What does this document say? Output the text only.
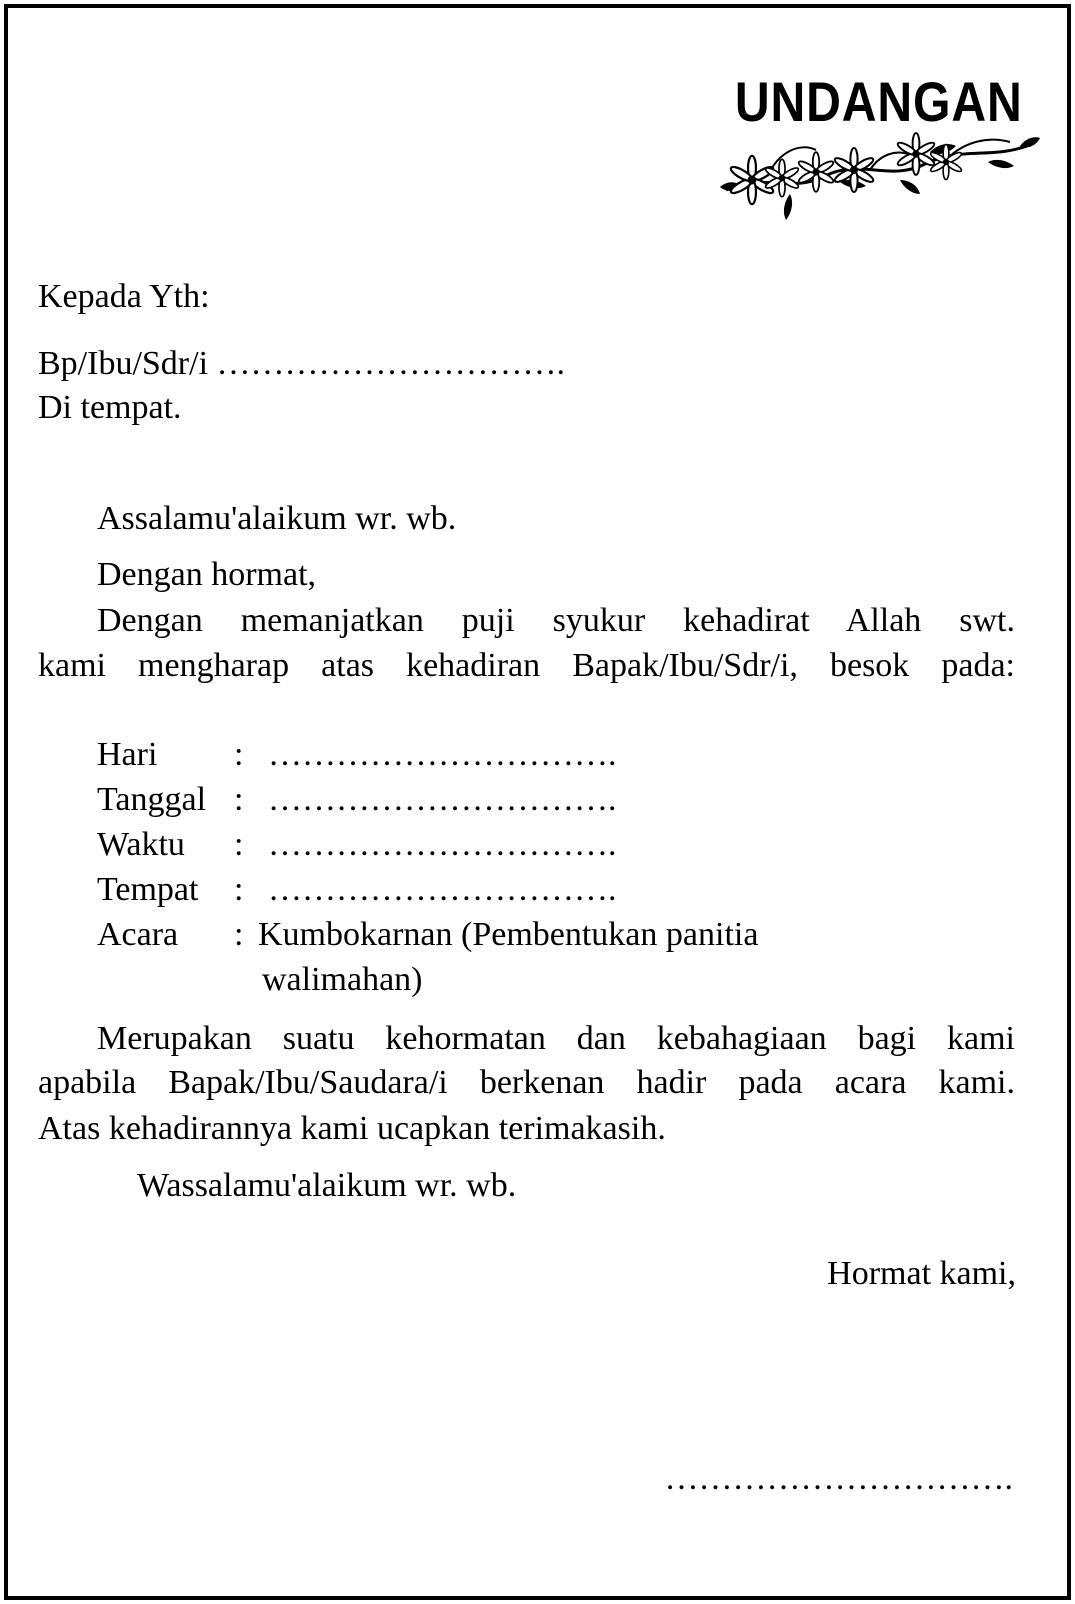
UNDANGAN
Kepada Yth:
Bp/Ibu/Sdr/i ………………………….
Di tempat.
Assalamu'alaikum wr. wb.
Dengan hormat,
Dengan memanjatkan puji syukur kehadirat Allah swt.
kami mengharap atas kehadiran Bapak/Ibu/Sdr/i, besok pada:
Hari : ………………………….
Tanggal : ………………………….
Waktu : ………………………….
Tempat : ………………………….
Acara : Kumbokarnan (Pembentukan panitia
walimahan)
Merupakan suatu kehormatan dan kebahagiaan bagi kami
apabila Bapak/Ibu/Saudara/i berkenan hadir pada acara kami.
Atas kehadirannya kami ucapkan terimakasih.
Wassalamu'alaikum wr. wb.
Hormat kami,
………………………….
